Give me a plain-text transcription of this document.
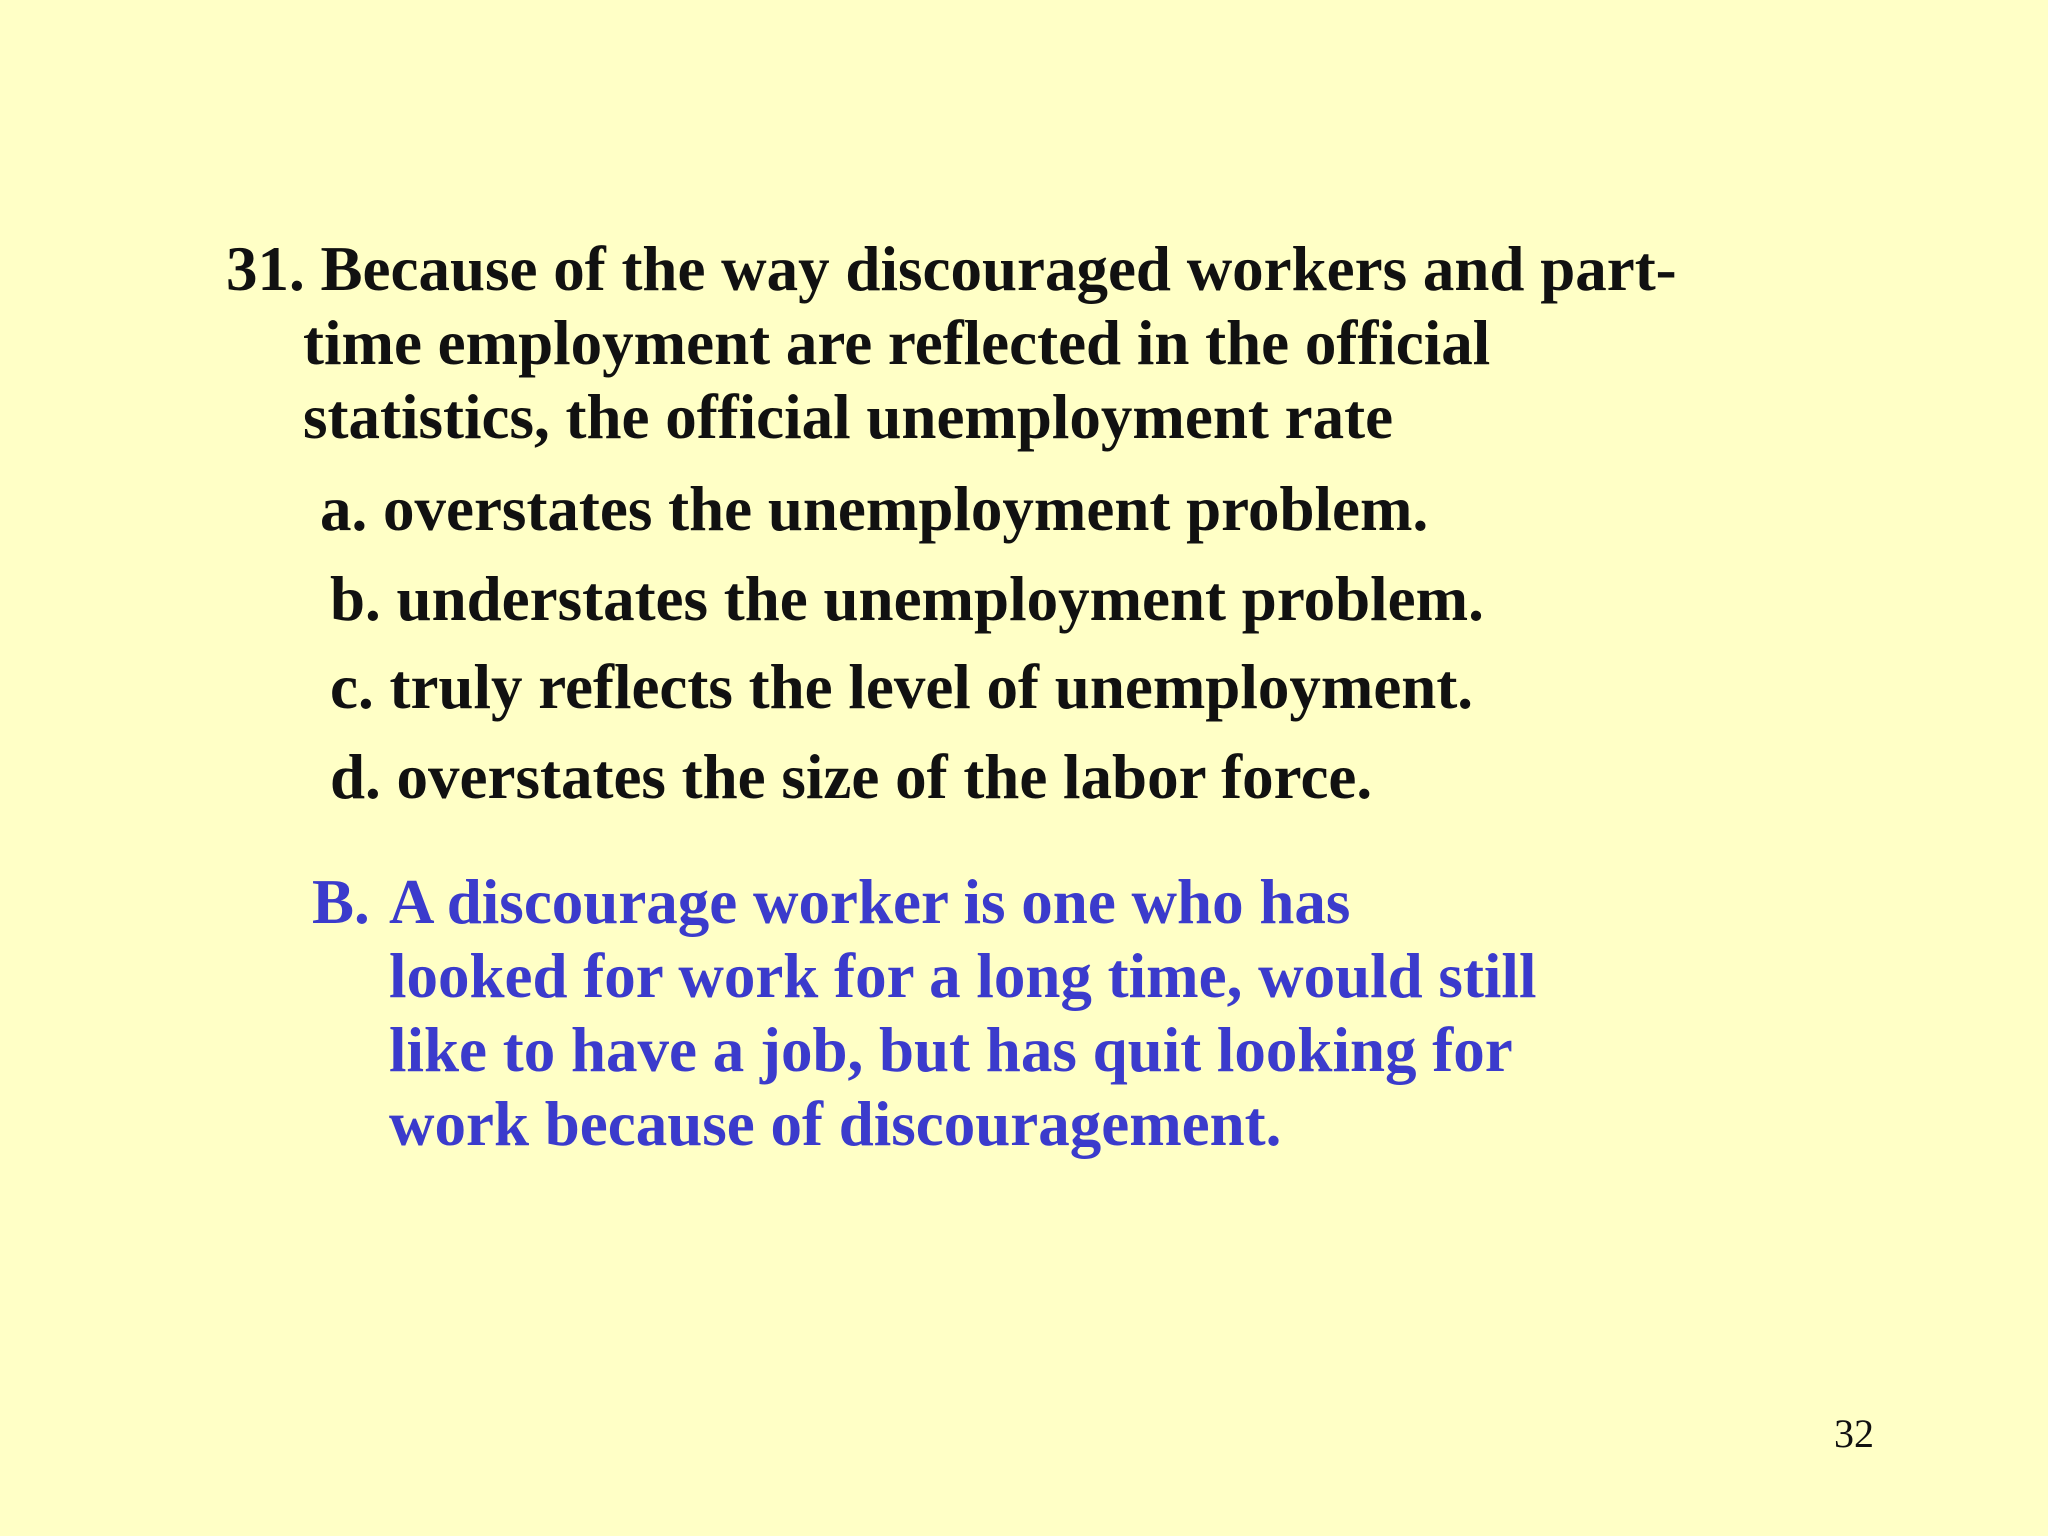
31. Because of the way discouraged workers and part-
time employment are reflected in the official
statistics, the official unemployment rate
a. overstates the unemployment problem.
b. understates the unemployment problem.
c. truly reflects the level of unemployment.
d. overstates the size of the labor force.
B. A discourage worker is one who has
looked for work for a long time, would still
like to have a job, but has quit looking for
work because of discouragement.
32
